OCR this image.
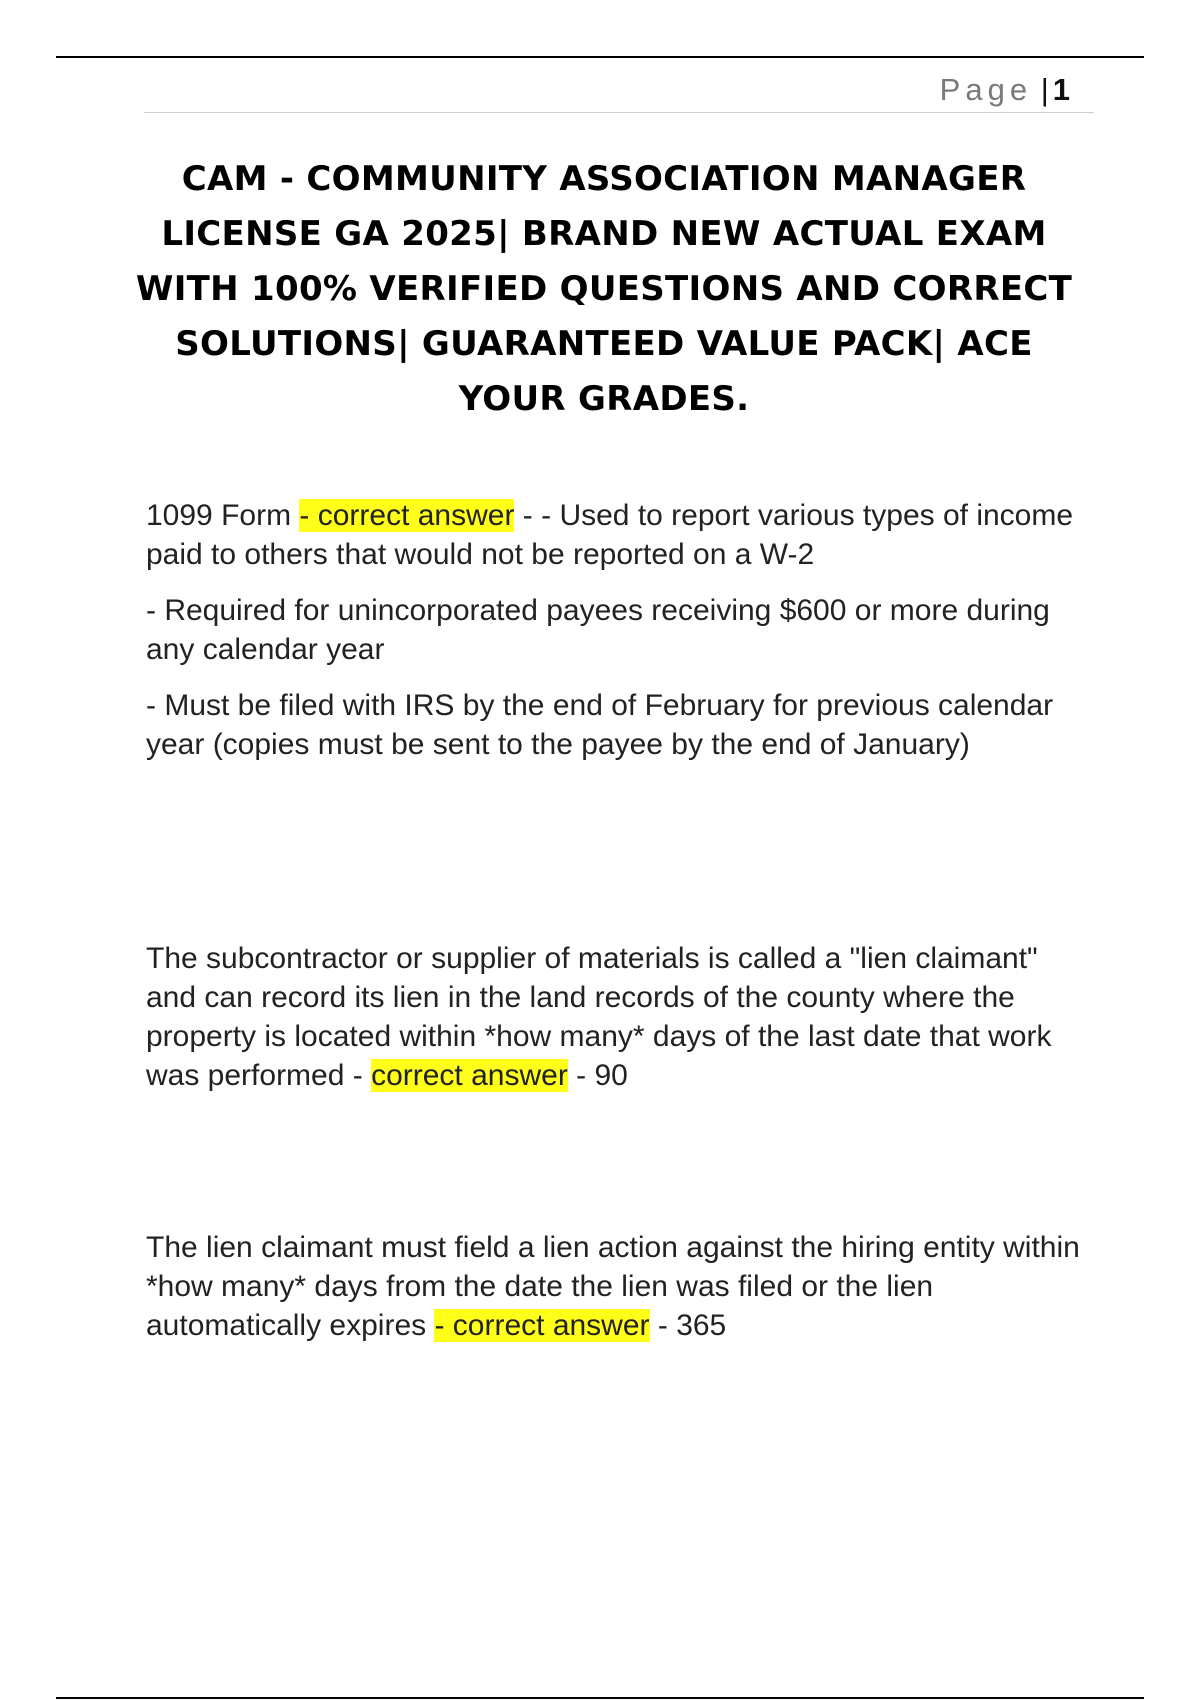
Page | 1
CAM - COMMUNITY ASSOCIATION MANAGER LICENSE GA 2025| BRAND NEW ACTUAL EXAM WITH 100% VERIFIED QUESTIONS AND CORRECT SOLUTIONS| GUARANTEED VALUE PACK| ACE YOUR GRADES.

1099 Form - correct answer - - Used to report various types of income paid to others that would not be reported on a W-2

- Required for unincorporated payees receiving $600 or more during any calendar year

- Must be filed with IRS by the end of February for previous calendar year (copies must be sent to the payee by the end of January)

The subcontractor or supplier of materials is called a "lien claimant" and can record its lien in the land records of the county where the property is located within *how many* days of the last date that work was performed - correct answer - 90

The lien claimant must field a lien action against the hiring entity within *how many* days from the date the lien was filed or the lien automatically expires - correct answer - 365
